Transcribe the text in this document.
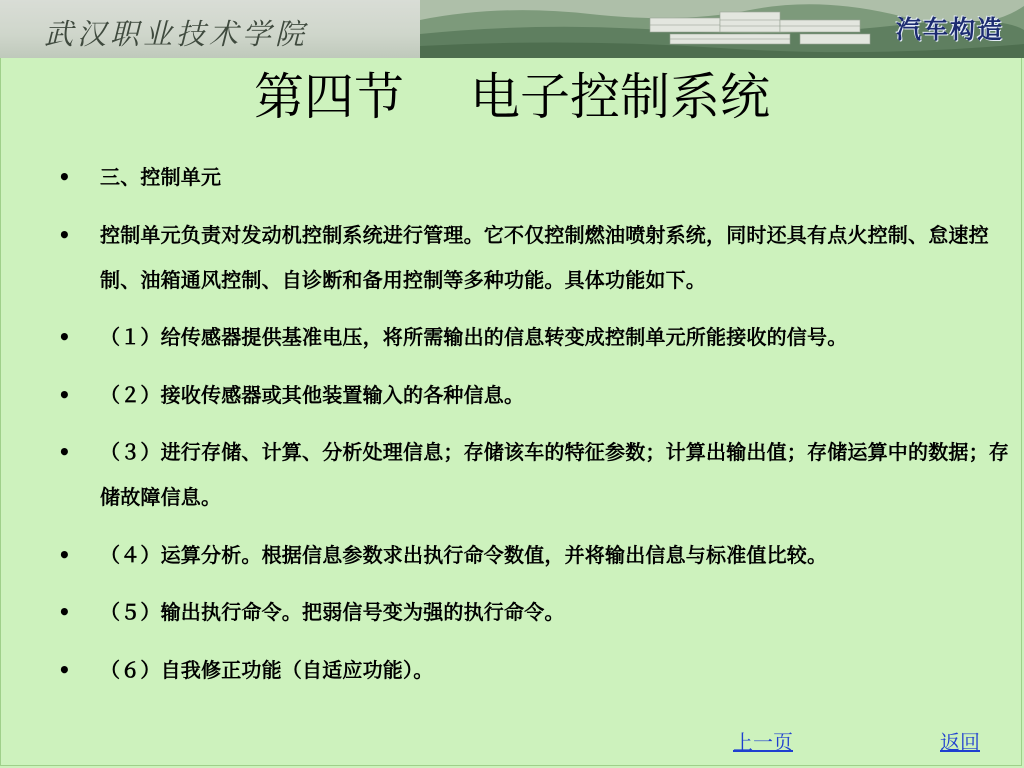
武汉职业技术学院	汽车构造
第四节　 电子控制系统
•	三、控制单元
•	控制单元负责对发动机控制系统进行管理。它不仅控制燃油喷射系统，同时还具有点火控制、怠速控制、油箱通风控制、自诊断和备用控制等多种功能。具体功能如下。
•	（１）给传感器提供基准电压，将所需输出的信息转变成控制单元所能接收的信号。
•	（２）接收传感器或其他装置输入的各种信息。
•	（３）进行存储、计算、分析处理信息；存储该车的特征参数；计算出输出值；存储运算中的数据；存储故障信息。
•	（４）运算分析。根据信息参数求出执行命令数值，并将输出信息与标准值比较。
•	（５）输出执行命令。把弱信号变为强的执行命令。
•	（６）自我修正功能（自适应功能）。
上一页	返回
